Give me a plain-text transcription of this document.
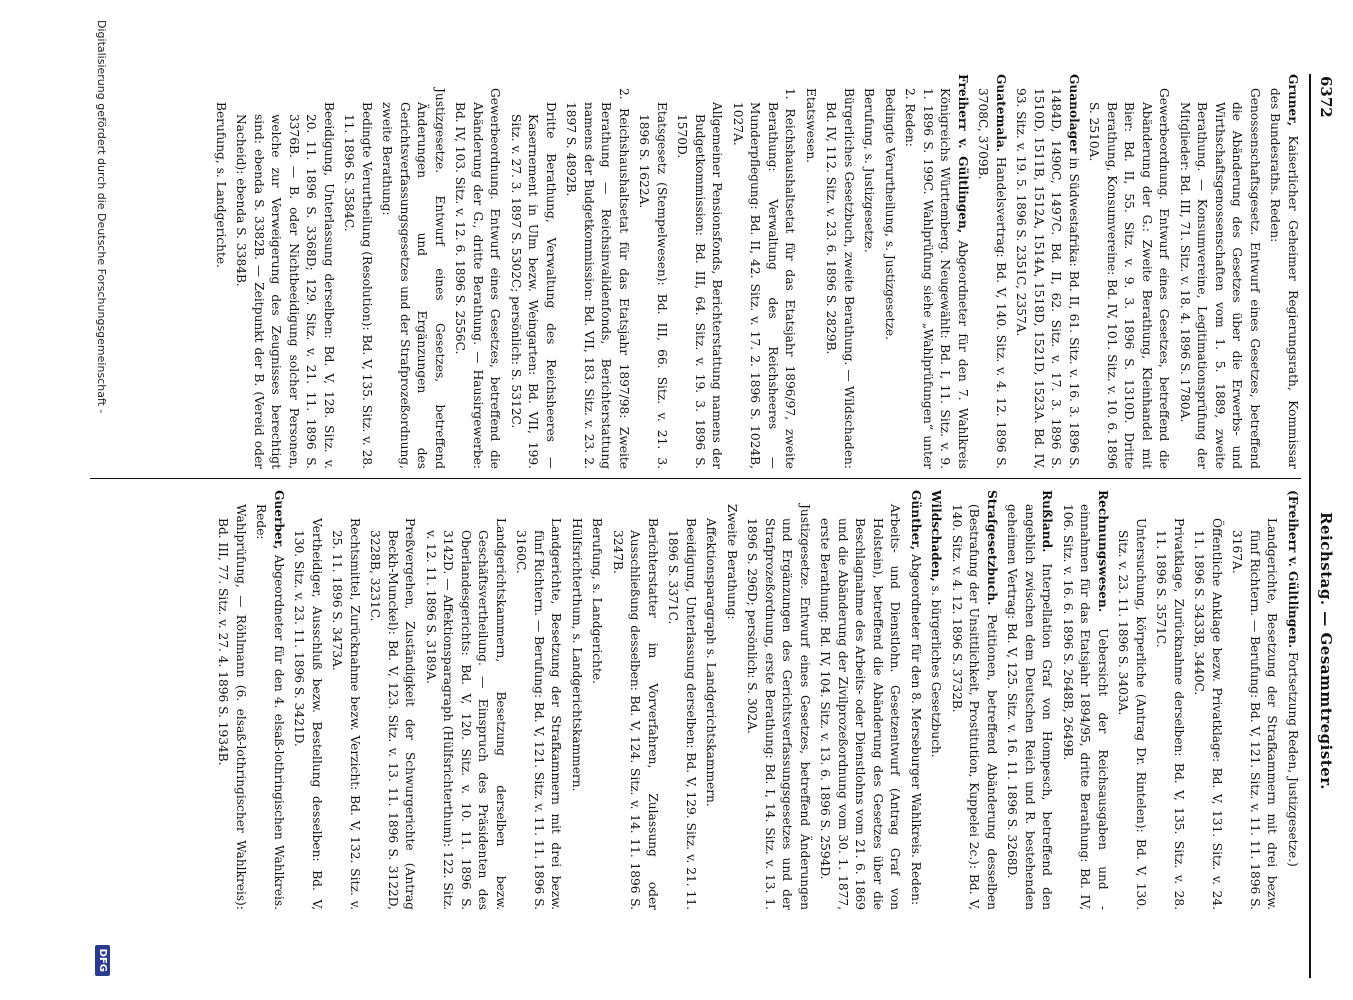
6372
Reichstag. — Gesammtregister.

Gruner, Kaiserlicher Geheimer Regierungsrath, Kommissar des Bundesraths. Reden:

Genossenschaftsgesetz. Entwurf eines Gesetzes, betreffend die Abänderung des Gesetzes über die Erwerbs- und Wirthschaftsgenossenschaften vom 1. 5. 1889, zweite Berathung. — Konsumvereine, Legitimationsprüfung der Mitglieder: Bd. III, 71. Sitz. v. 18. 4. 1896 S. 1780A.

Gewerbeordnung. Entwurf eines Gesetzes, betreffend die Abänderung der G.: Zweite Berathung, Kleinhandel mit Bier: Bd. II, 55. Sitz. v. 9. 3. 1896 S. 1310D. Dritte Berathung, Konsumvereine: Bd. IV, 101. Sitz. v. 10. 6. 1896 S. 2510A.

Guanolager in Südwestafrika: Bd. II, 61. Sitz. v. 16. 3. 1896 S. 1484D, 1490C, 1497C. Bd. II, 62. Sitz. v. 17. 3. 1896 S. 1510D, 1511B, 1512A, 1514A, 1518D, 1521D, 1523A. Bd. IV, 93. Sitz. v. 19. 5. 1896 S. 2351C, 2357A.

Guatemala. Handelsvertrag: Bd. V, 140. Sitz. v. 4. 12. 1896 S. 3708C, 3709B.

Freiherr v. Gültlingen, Abgeordneter für den 7. Wahlkreis Königreichs Württemberg. Neugewählt: Bd. I, 11. Sitz. v. 9. 1. 1896 S. 199C. Wahlprüfung siehe „Wahlprüfungen“ unter 2. Reden:

Bedingte Verurtheilung, s. Justizgesetze.

Berufung, s. Justizgesetze.

Bürgerliches Gesetzbuch, zweite Berathung. — Wildschaden: Bd. IV, 112. Sitz. v. 23. 6. 1896 S. 2829B.

Etatswesen.

1. Reichshaushaltsetat für das Etatsjahr 1896/97, zweite Berathung: Verwaltung des Reichsheeres — Munderpflegung: Bd. II, 42. Sitz. v. 17. 2. 1896 S. 1024B, 1027A.

Allgemeiner Pensionsfonds, Berichterstattung namens der Budgetkommission: Bd. III, 64. Sitz. v. 19. 3. 1896 S. 1570D.

Etatsgesetz (Stempelwesen): Bd. III, 66. Sitz. v. 21. 3. 1896 S. 1622A.

2. Reichshaushaltsetat für das Etatsjahr 1897/98: Zweite Berathung — Reichsinvalidenfonds, Berichterstattung namens der Budgetkommission: Bd. VII, 183. Sitz. v. 23. 2. 1897 S. 4892B.

Dritte Berathung, Verwaltung des Reichsheeres — Kasernement in Ulm bezw. Weingarten: Bd. VII, 199. Sitz. v. 27. 3. 1897 S. 5302C; persönlich: S. 5312C.

Gewerbeordnung. Entwurf eines Gesetzes, betreffend die Abänderung der G., dritte Berathung. — Hausirgewerbe: Bd. IV, 103. Sitz. v. 12. 6. 1896 S. 2556C.

Justizgesetze. Entwurf eines Gesetzes, betreffend Änderungen und Ergänzungen des Gerichtsverfassungsgesetzes und der Strafprozeßordnung, zweite Berathung:

Bedingte Verurtheilung (Resolution): Bd. V, 135. Sitz. v. 28. 11. 1896 S. 3584C.

Beeidigung, Unterlassung derselben: Bd. V, 128. Sitz. v. 20. 11. 1896 S. 3368D; 129. Sitz. v. 21. 11. 1896 S. 3376B. — B. oder Nichtbeeidigung solcher Personen, welche zur Verweigerung des Zeugnisses berechtigt sind: ebenda S. 3382B. — Zeitpunkt der B. (Vereid oder Nacheid): ebenda S. 3384B.

Berufung, s. Landgerichte.

(Freiherr v. Gültlingen. Fortsetzung Reden, Justizgesetze.)

Landgerichte, Besetzung der Strafkammern mit drei bezw. fünf Richtern. — Berufung: Bd. V, 121. Sitz. v. 11. 11. 1896 S. 3167A.

Öffentliche Anklage bezw. Privatklage: Bd. V, 131. Sitz. v. 24. 11. 1896 S. 3433B, 3440C.

Privatklage, Zurücknahme derselben: Bd. V, 135. Sitz. v. 28. 11. 1896 S. 3571C.

Untersuchung, körperliche (Antrag Dr. Rintelen): Bd. V, 130. Sitz. v. 23. 11. 1896 S. 3403A.

Rechnungswesen. Uebersicht der Reichsausgaben und -einnahmen für das Etatsjahr 1894/95, dritte Berathung: Bd. IV, 106. Sitz. v. 16. 6. 1896 S. 2648B, 2649B.

Rußland. Interpellation Graf von Hompesch, betreffend den angeblich zwischen dem Deutschen Reich und R. bestehenden geheimen Vertrag: Bd. V, 125. Sitz. v. 16. 11. 1896 S. 3268D.

Strafgesetzbuch. Petitionen, betreffend Abänderung desselben (Bestrafung der Unsittlichkeit, Prostitution, Kuppelei 2c.): Bd. V, 140. Sitz. v. 4. 12. 1896 S. 3732B.

Wildschaden, s. bürgerliches Gesetzbuch.

Günther, Abgeordneter für den 8. Merseburger Wahlkreis. Reden:

Arbeits- und Dienstlohn. Gesetzentwurf (Antrag Graf von Holstein), betreffend die Abänderung des Gesetzes über die Beschlagnahme des Arbeits- oder Dienstlohns vom 21. 6. 1869 und die Abänderung der Zivilprozeßordnung vom 30. 1. 1877, erste Berathung: Bd. IV, 104. Sitz. v. 13. 6. 1896 S. 2594D.

Justizgesetze. Entwurf eines Gesetzes, betreffend Änderungen und Ergänzungen des Gerichtsverfassungsgesetzes und der Strafprozeßordnung, erste Berathung: Bd. I, 14. Sitz. v. 13. 1. 1896 S. 296D; persönlich: S. 302A.

Zweite Berathung:

Affektionsparagraph s. Landgerichtskammern.

Beeidigung, Unterlassung derselben: Bd. V, 129. Sitz. v. 21. 11. 1896 S. 3371C.

Berichterstatter im Vorverfahren, Zulassung oder Ausschließung desselben: Bd. V, 124. Sitz. v. 14. 11. 1896 S. 3247B.

Berufung, s. Landgerichte.

Hülfsrichterthum, s. Landgerichtskammern.

Landgerichte, Besetzung der Strafkammern mit drei bezw. fünf Richtern. — Berufung: Bd. V, 121. Sitz. v. 11. 11. 1896 S. 3160C.

Landgerichtskammern, Besetzung derselben bezw. Geschäftsvertheilung. — Einspruch des Präsidenten des Oberlandesgerichts: Bd. V, 120. Sitz. v. 10. 11. 1896 S. 3142D. — Affektionsparagraph (Hülfsrichterthum): 122. Sitz. v. 12. 11. 1896 S. 3189A.

Preßvergehen, Zuständigkeit der Schwurgerichte (Antrag Beckh-Munckel): Bd. V, 123. Sitz. v. 13. 11. 1896 S. 3122D, 3228B, 3231C.

Rechtsmittel, Zurücknahme bezw. Verzicht: Bd. V, 132. Sitz. v. 25. 11. 1896 S. 3473A.

Vertheidiger, Ausschluß bezw. Bestellung desselben: Bd. V, 130. Sitz. v. 23. 11. 1896 S. 3421D.

Guerber, Abgeordneter für den 4. elsaß-lothringischen Wahlkreis. Rede:

Wahlprüfung, — Röhlmann (6. elsaß-lothringischer Wahlkreis): Bd. III, 77. Sitz. v. 27. 4. 1896 S. 1934B.

Digitalisierung gefördert durch die Deutsche Forschungsgemeinschaft -
DFG
